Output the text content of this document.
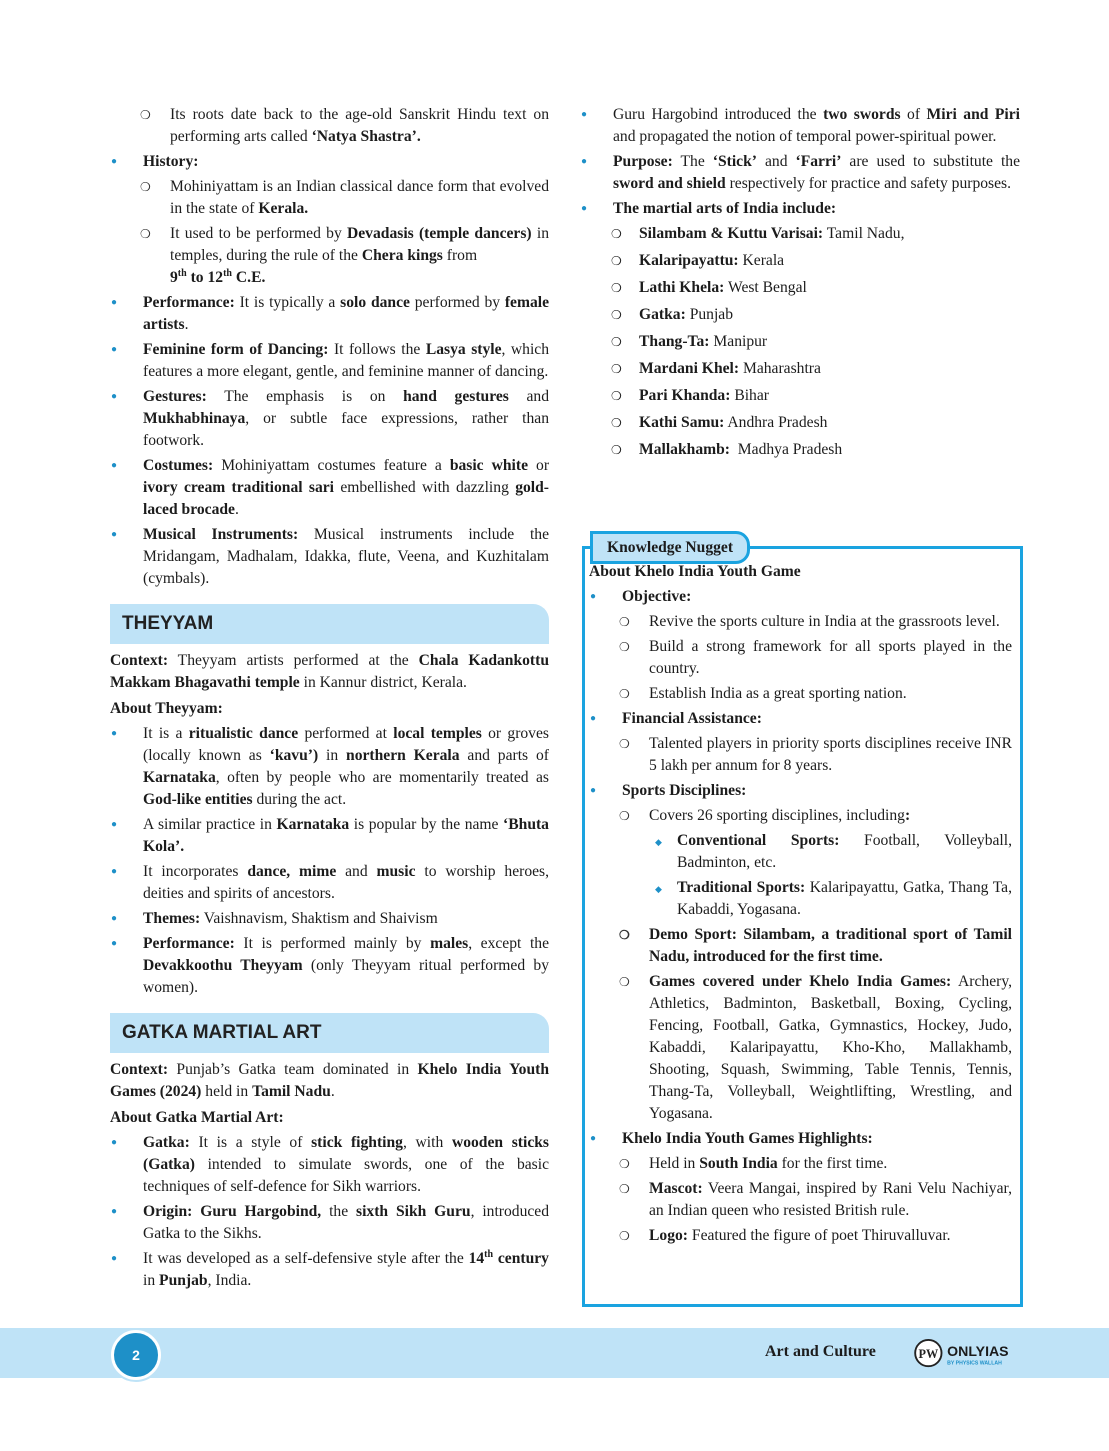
❍ Its roots date back to the age-old Sanskrit Hindu text on performing arts called ‘Natya Shastra’.

● History:

❍ Mohiniyattam is an Indian classical dance form that evolved in the state of Kerala.

❍ It used to be performed by Devadasis (temple dancers) in temples, during the rule of the Chera kings from
9th to 12th C.E.

● Performance: It is typically a solo dance performed by female artists.

● Feminine form of Dancing: It follows the Lasya style, which features a more elegant, gentle, and feminine manner of dancing.

● Gestures: The emphasis is on hand gestures and Mukhabhinaya, or subtle face expressions, rather than footwork.

● Costumes: Mohiniyattam costumes feature a basic white or ivory cream traditional sari embellished with dazzling gold-laced brocade.

● Musical Instruments: Musical instruments include the Mridangam, Madhalam, Idakka, flute, Veena, and Kuzhitalam (cymbals).

THEYYAM

Context: Theyyam artists performed at the Chala Kadankottu Makkam Bhagavathi temple in Kannur district, Kerala.

About Theyyam:

● It is a ritualistic dance performed at local temples or groves (locally known as ‘kavu’) in northern Kerala and parts of Karnataka, often by people who are momentarily treated as God-like entities during the act.

● A similar practice in Karnataka is popular by the name ‘Bhuta Kola’.

● It incorporates dance, mime and music to worship heroes, deities and spirits of ancestors.

● Themes: Vaishnavism, Shaktism and Shaivism

● Performance: It is performed mainly by males, except the Devakkoothu Theyyam (only Theyyam ritual performed by women).

GATKA MARTIAL ART

Context: Punjab’s Gatka team dominated in Khelo India Youth Games (2024) held in Tamil Nadu.

About Gatka Martial Art:

● Gatka: It is a style of stick fighting, with wooden sticks (Gatka) intended to simulate swords, one of the basic techniques of self-defence for Sikh warriors.

● Origin: Guru Hargobind, the sixth Sikh Guru, introduced Gatka to the Sikhs.

● It was developed as a self-defensive style after the 14th century in Punjab, India.

● Guru Hargobind introduced the two swords of Miri and Piri and propagated the notion of temporal power-spiritual power.

● Purpose: The ‘Stick’ and ‘Farri’ are used to substitute the sword and shield respectively for practice and safety purposes.

● The martial arts of India include:

❍ Silambam & Kuttu Varisai: Tamil Nadu,

❍ Kalaripayattu: Kerala

❍ Lathi Khela: West Bengal

❍ Gatka: Punjab

❍ Thang-Ta: Manipur

❍ Mardani Khel: Maharashtra

❍ Pari Khanda: Bihar

❍ Kathi Samu: Andhra Pradesh

❍ Mallakhamb: Madhya Pradesh

Knowledge Nugget

About Khelo India Youth Game

● Objective:

❍ Revive the sports culture in India at the grassroots level.

❍ Build a strong framework for all sports played in the country.

❍ Establish India as a great sporting nation.

● Financial Assistance:

❍ Talented players in priority sports disciplines receive INR 5 lakh per annum for 8 years.

● Sports Disciplines:

❍ Covers 26 sporting disciplines, including:

◆ Conventional Sports: Football, Volleyball, Badminton, etc.

◆ Traditional Sports: Kalaripayattu, Gatka, Thang Ta, Kabaddi, Yogasana.

❍ Demo Sport: Silambam, a traditional sport of Tamil Nadu, introduced for the first time.

❍ Games covered under Khelo India Games: Archery, Athletics, Badminton, Basketball, Boxing, Cycling, Fencing, Football, Gatka, Gymnastics, Hockey, Judo, Kabaddi, Kalaripayattu, Kho-Kho, Mallakhamb, Shooting, Squash, Swimming, Table Tennis, Tennis, Thang-Ta, Volleyball, Weightlifting, Wrestling, and Yogasana.

● Khelo India Youth Games Highlights:

❍ Held in South India for the first time.

❍ Mascot: Veera Mangai, inspired by Rani Velu Nachiyar, an Indian queen who resisted British rule.

❍ Logo: Featured the figure of poet Thiruvalluvar.

2	Art and Culture	PW ONLYIAS
BY PHYSICS WALLAH
